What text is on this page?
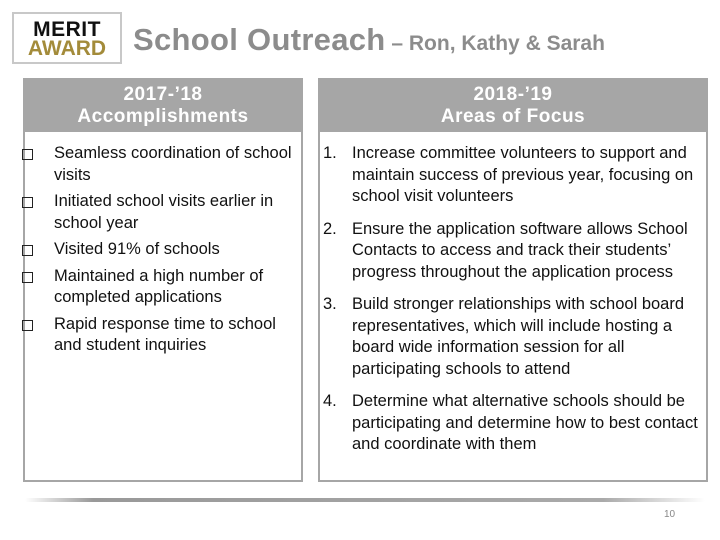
MERIT
AWARD School Outreach – Ron, Kathy & Sarah
2017-’18
Accomplishments
Seamless coordination of school visits
Initiated school visits earlier in school year
Visited 91% of schools
Maintained a high number of completed applications
Rapid response time to school and student inquiries
2018-’19
Areas of Focus
1. Increase committee volunteers to support and maintain success of previous year, focusing on school visit volunteers
2. Ensure the application software allows School Contacts to access and track their students’ progress throughout the application process
3. Build stronger relationships with school board representatives, which will include hosting a board wide information session for all participating schools to attend
4. Determine what alternative schools should be participating and determine how to best contact and coordinate with them
10
